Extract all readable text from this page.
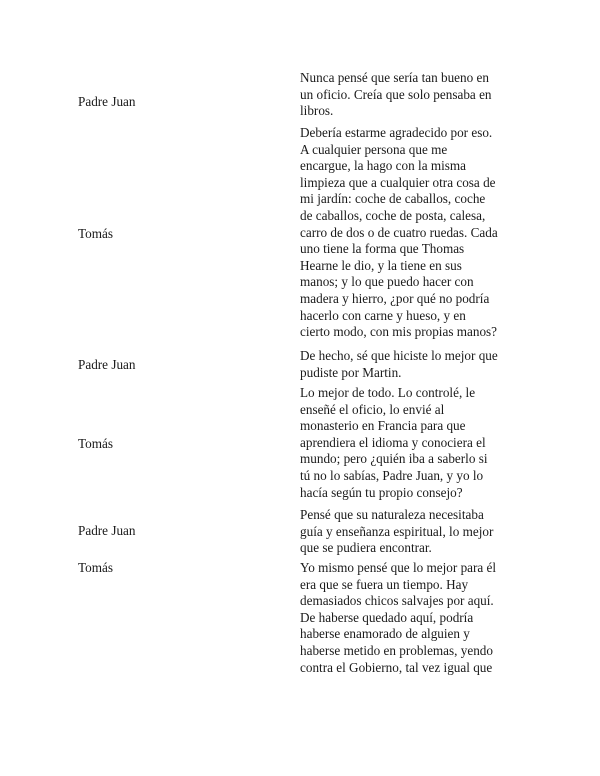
Padre Juan
Nunca pensé que sería tan bueno en
un oficio. Creía que solo pensaba en
libros.
Tomás
Debería estarme agradecido por eso.
A cualquier persona que me
encargue, la hago con la misma
limpieza que a cualquier otra cosa de
mi jardín: coche de caballos, coche
de caballos, coche de posta, calesa,
carro de dos o de cuatro ruedas. Cada
uno tiene la forma que Thomas
Hearne le dio, y la tiene en sus
manos; y lo que puedo hacer con
madera y hierro, ¿por qué no podría
hacerlo con carne y hueso, y en
cierto modo, con mis propias manos?
Padre Juan
De hecho, sé que hiciste lo mejor que
pudiste por Martin.
Tomás
Lo mejor de todo. Lo controlé, le
enseñé el oficio, lo envié al
monasterio en Francia para que
aprendiera el idioma y conociera el
mundo; pero ¿quién iba a saberlo si
tú no lo sabías, Padre Juan, y yo lo
hacía según tu propio consejo?
Padre Juan
Pensé que su naturaleza necesitaba
guía y enseñanza espiritual, lo mejor
que se pudiera encontrar.
Tomás	Yo mismo pensé que lo mejor para él
era que se fuera un tiempo. Hay
demasiados chicos salvajes por aquí.
De haberse quedado aquí, podría
haberse enamorado de alguien y
haberse metido en problemas, yendo
contra el Gobierno, tal vez igual que
